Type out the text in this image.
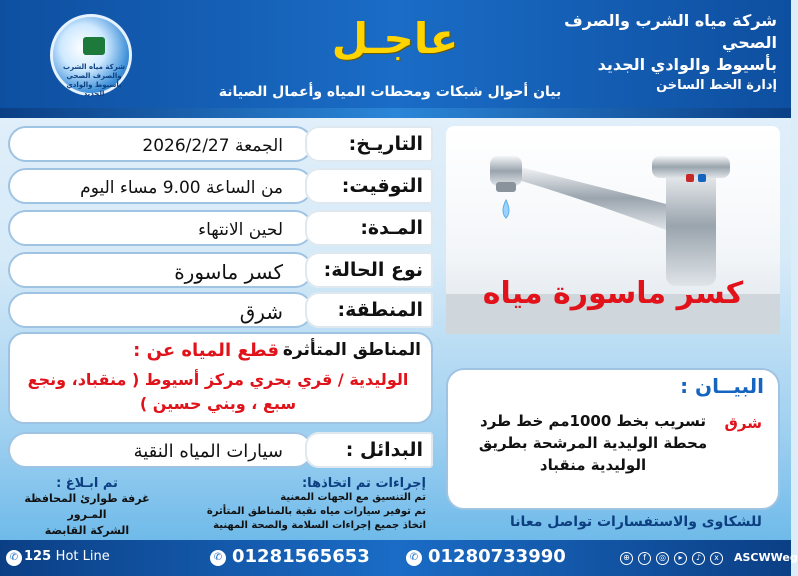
شركة مياه الشرب والصرف الصحي بأسيوط والوادي الجديد
عاجـل
بيان أحوال شبكات ومحطات المياه وأعمال الصيانة
شركة مياه الشرب والصرف الصحي
بأسيوط والوادي الجديد
إدارة الخط الساخن
الجمعة 2026/2/27	التاريـخ:
من الساعة 9.00 مساء اليوم	التوقيت:
لحين الانتهاء	المـدة:
كسر ماسورة	نوع الحالة:
شرق	المنطقة:
المناطق المتأثرة
قطع المياه عن :
الوليدية / قري بحري مركز أسيوط ( منقباد، ونجع سبع ، وبني حسين )
سيارات المياه النقية	البدائل :
كسر ماسورة مياه
البيــان :
شرق
تسريب بخط 1000مم خط طرد محطة الوليدية المرشحة بطريق الوليدية منقباد
للشكاوى والاستفسارات تواصل معانا
إجراءات تم اتخاذها:
تم التنسيق مع الجهات المعنية
تم توفير سيارات مياه نقية بالمناطق المتأثرة
اتخاذ جميع إجراءات السلامة والصحة المهنية
تم ابـلاغ :
غرفة طوارئ المحافظة
المـرور
الشركة القابضة
✆ 125 Hot Line	✆ 01281565653	✆ 01280733990	⊕	f	◎	▸	♪	x	ASCWWeg
